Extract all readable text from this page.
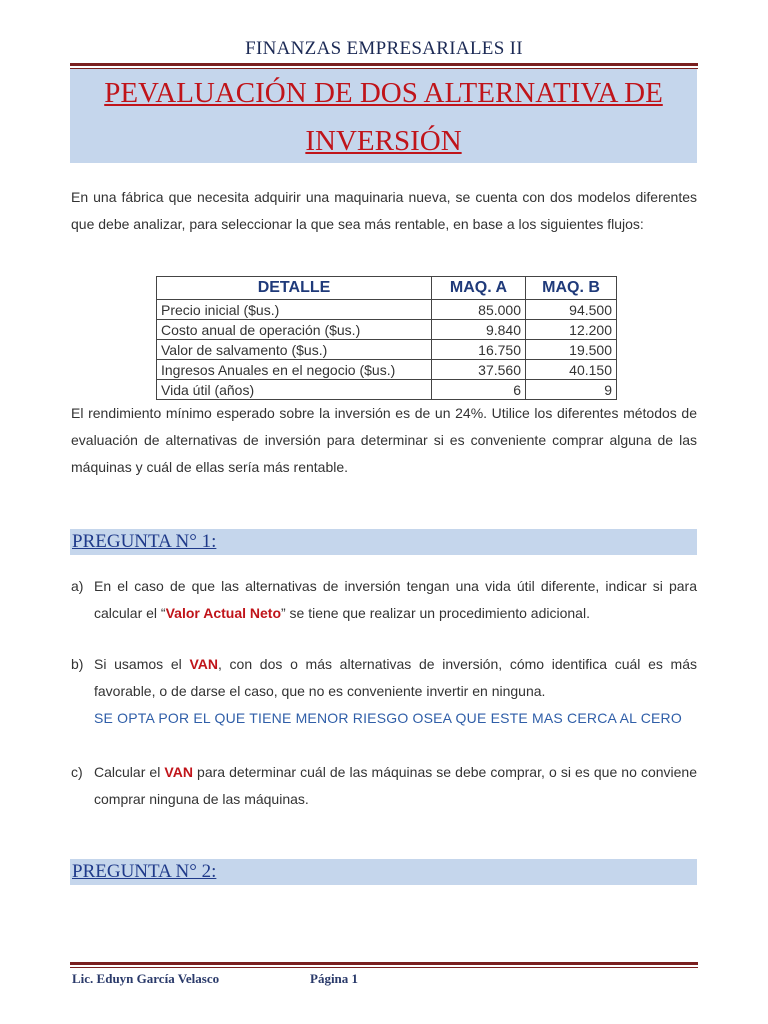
FINANZAS EMPRESARIALES II
PEVALUACIÓN DE DOS ALTERNATIVA DE
INVERSIÓN
En una fábrica que necesita adquirir una maquinaria nueva, se cuenta con dos modelos diferentes que debe analizar, para seleccionar la que sea más rentable, en base a los siguientes flujos:
DETALLE	MAQ. A	MAQ. B
Precio inicial ($us.)	85.000	94.500
Costo anual de operación ($us.)	9.840	12.200
Valor de salvamento ($us.)	16.750	19.500
Ingresos Anuales en el negocio ($us.)	37.560	40.150
Vida útil (años)	6	9
El rendimiento mínimo esperado sobre la inversión es de un 24%. Utilice los diferentes métodos de evaluación de alternativas de inversión para determinar si es conveniente comprar alguna de las máquinas y cuál de ellas sería más rentable.
PREGUNTA N° 1:
a) En el caso de que las alternativas de inversión tengan una vida útil diferente, indicar si para calcular el “Valor Actual Neto” se tiene que realizar un procedimiento adicional.
b) Si usamos el VAN, con dos o más alternativas de inversión, cómo identifica cuál es más favorable, o de darse el caso, que no es conveniente invertir en ninguna.
SE OPTA POR EL QUE TIENE MENOR RIESGO OSEA QUE ESTE MAS CERCA AL CERO
c) Calcular el VAN para determinar cuál de las máquinas se debe comprar, o si es que no conviene comprar ninguna de las máquinas.
PREGUNTA N° 2:
Lic. Eduyn García Velasco	Página 1
